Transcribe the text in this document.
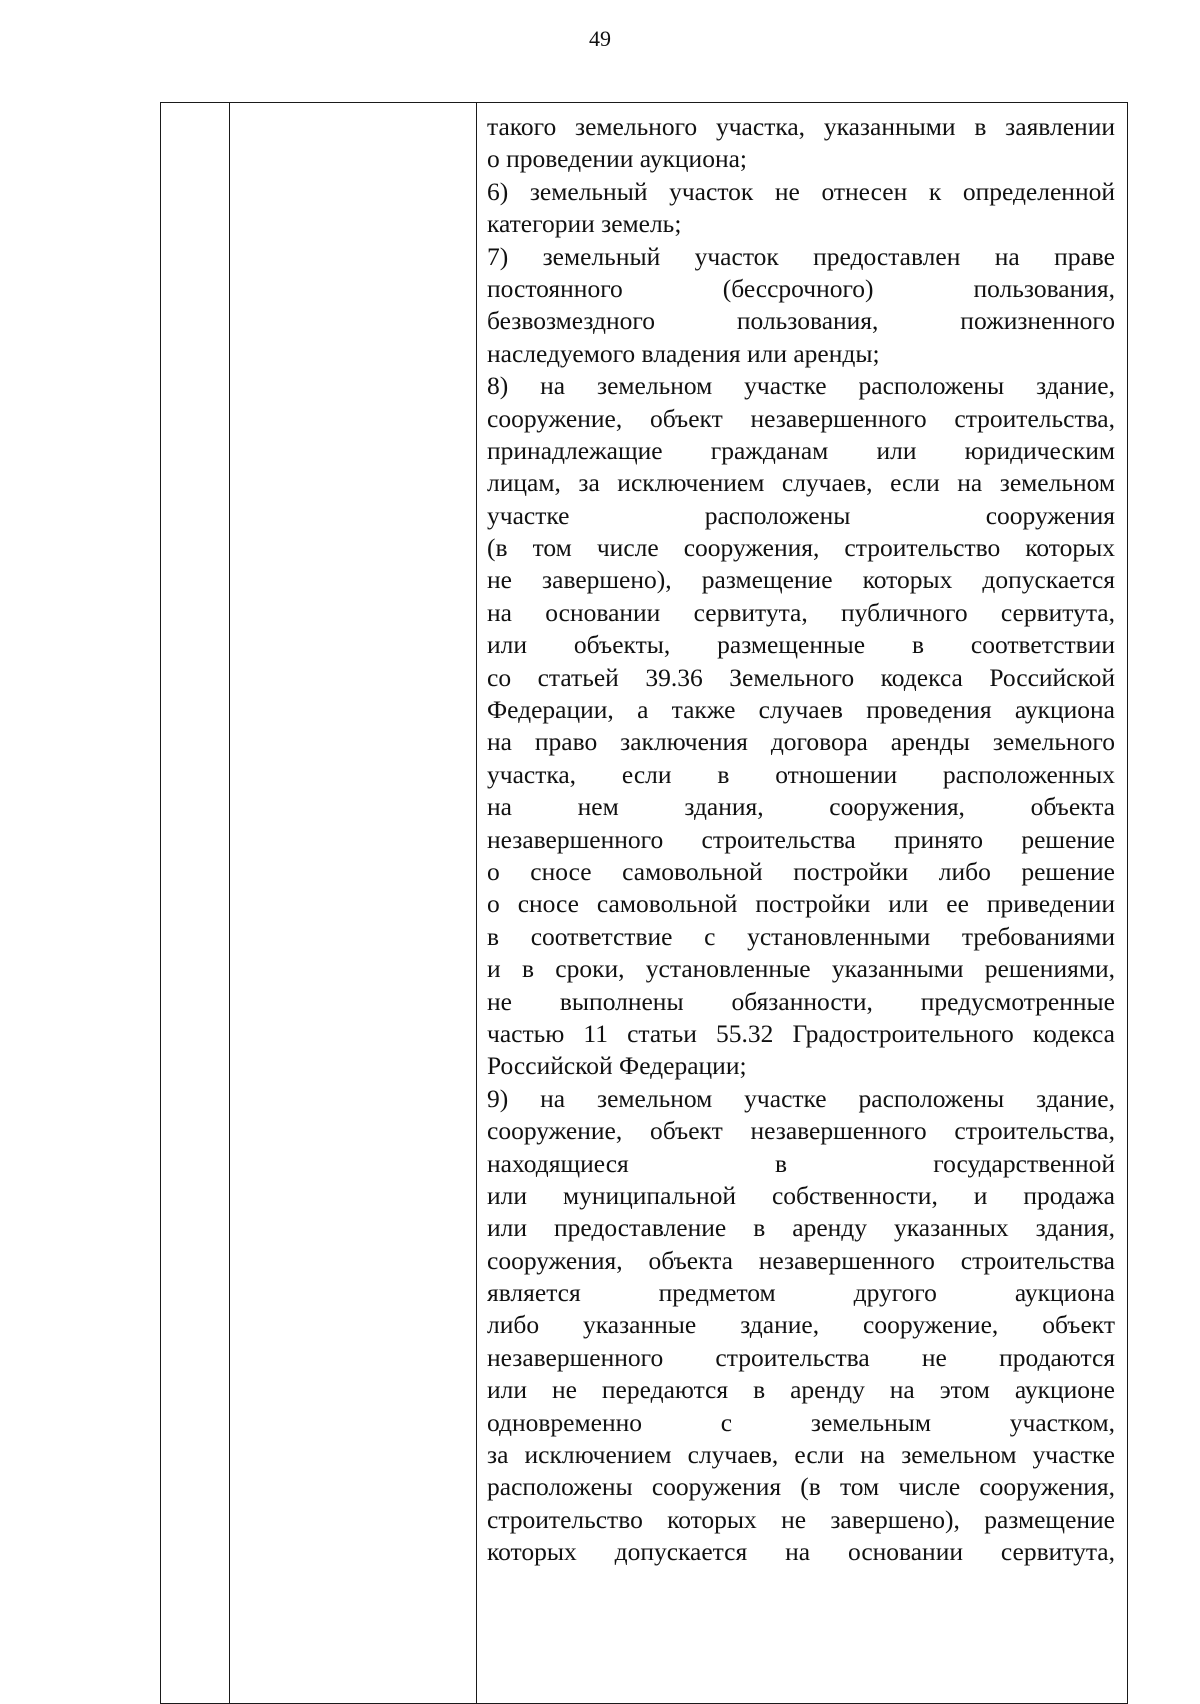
49
такого земельного участка, указанными в заявлении
о проведении аукциона;
6) земельный участок не отнесен к определенной
категории земель;
7) земельный участок предоставлен на праве
постоянного (бессрочного) пользования,
безвозмездного пользования, пожизненного
наследуемого владения или аренды;
8) на земельном участке расположены здание,
сооружение, объект незавершенного строительства,
принадлежащие гражданам или юридическим
лицам, за исключением случаев, если на земельном
участке расположены сооружения
(в том числе сооружения, строительство которых
не завершено), размещение которых допускается
на основании сервитута, публичного сервитута,
или объекты, размещенные в соответствии
со статьей 39.36 Земельного кодекса Российской
Федерации, а также случаев проведения аукциона
на право заключения договора аренды земельного
участка, если в отношении расположенных
на нем здания, сооружения, объекта
незавершенного строительства принято решение
о сносе самовольной постройки либо решение
о сносе самовольной постройки или ее приведении
в соответствие с установленными требованиями
и в сроки, установленные указанными решениями,
не выполнены обязанности, предусмотренные
частью 11 статьи 55.32 Градостроительного кодекса
Российской Федерации;
9) на земельном участке расположены здание,
сооружение, объект незавершенного строительства,
находящиеся в государственной
или муниципальной собственности, и продажа
или предоставление в аренду указанных здания,
сооружения, объекта незавершенного строительства
является предметом другого аукциона
либо указанные здание, сооружение, объект
незавершенного строительства не продаются
или не передаются в аренду на этом аукционе
одновременно с земельным участком,
за исключением случаев, если на земельном участке
расположены сооружения (в том числе сооружения,
строительство которых не завершено), размещение
которых допускается на основании сервитута,
